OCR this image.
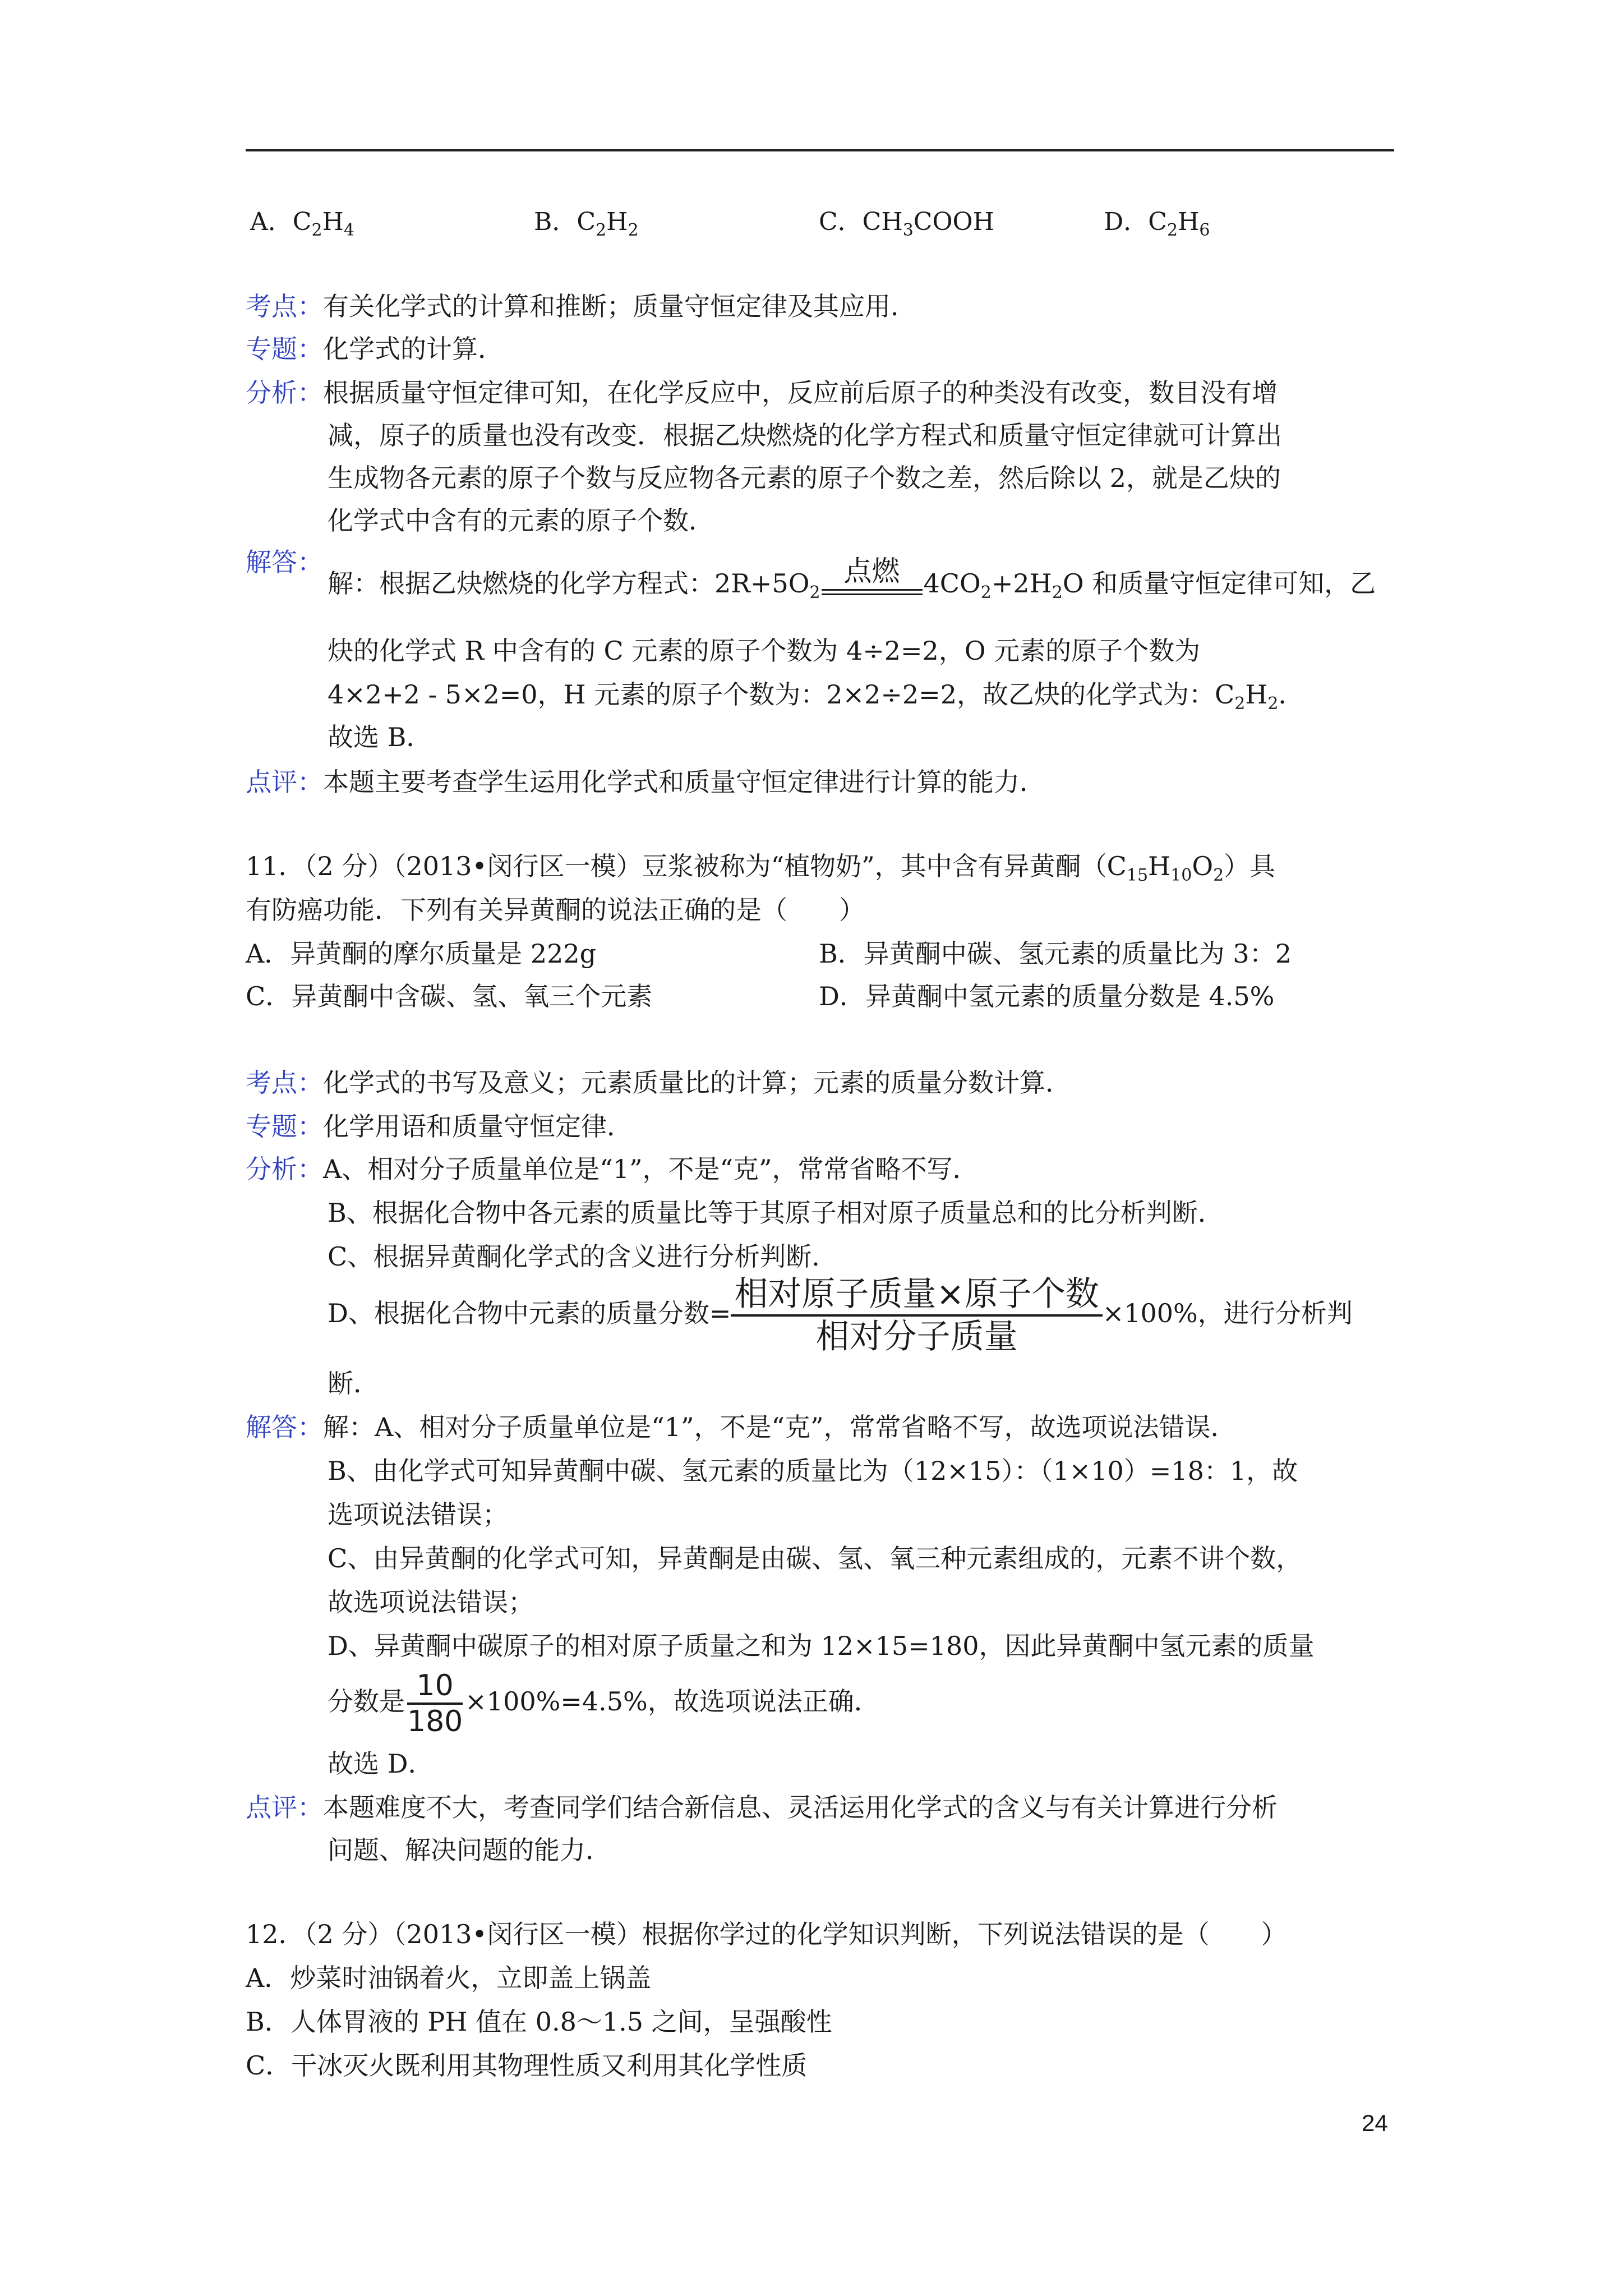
A．$C_2H_4$	B．$C_2H_2$	C．$CH_3COOH$	D．$C_2H_6$
考点：有关化学式的计算和推断；质量守恒定律及其应用．
专题：化学式的计算．
分析：根据质量守恒定律可知，在化学反应中，反应前后原子的种类没有改变，数目没有增
减，原子的质量也没有改变．根据乙炔燃烧的化学方程式和质量守恒定律就可计算出
生成物各元素的原子个数与反应物各元素的原子个数之差，然后除以 2，就是乙炔的
化学式中含有的元素的原子个数．
解答：
解：根据乙炔燃烧的化学方程式：$2R+5O_2$
点燃 $4CO_2+2H_2O$ 和质量守恒定律可知，乙
炔的化学式 R 中含有的 C 元素的原子个数为 4÷2=2，O 元素的原子个数为
4×2+2 - 5×2=0，H 元素的原子个数为：2×2÷2=2，故乙炔的化学式为：$C_2H_2$．
故选 B．
点评：本题主要考查学生运用化学式和质量守恒定律进行计算的能力．
11．（2 分）（2013•闵行区一模）豆浆被称为“植物奶”，其中含有异黄酮$(C_{15}H_{10}O_2)$具
有防癌功能．下列有关异黄酮的说法正确的是（　　）
A．异黄酮的摩尔质量是 222g	B．异黄酮中碳、氢元素的质量比为 3：2
C．异黄酮中含碳、氢、氧三个元素	D．异黄酮中氢元素的质量分数是 4.5%
考点：化学式的书写及意义；元素质量比的计算；元素的质量分数计算．
专题：化学用语和质量守恒定律．
分析：A、相对分子质量单位是“1”，不是“克”，常常省略不写．
B、根据化合物中各元素的质量比等于其原子相对原子质量总和的比分析判断．
C、根据异黄酮化学式的含义进行分析判断．
D、根据化合物中元素的质量分数= $\frac{\text{相对原子质量×原子个数}}{\text{相对分子质量}} \times 100\%$，进行分析判
断．
解答：解：A、相对分子质量单位是“1”，不是“克”，常常省略不写，故选项说法错误．
B、由化学式可知异黄酮中碳、氢元素的质量比为（12×15）：（1×10）=18：1，故
选项说法错误；
C、由异黄酮的化学式可知，异黄酮是由碳、氢、氧三种元素组成的，元素不讲个数，
故选项说法错误；
D、异黄酮中碳原子的相对原子质量之和为 12×15=180，因此异黄酮中氢元素的质量
分数是 $\frac{10}{180} \times 100\%=4.5\%$，故选项说法正确．
故选 D．
点评：本题难度不大，考查同学们结合新信息、灵活运用化学式的含义与有关计算进行分析
问题、解决问题的能力．
12．（2 分）（2013•闵行区一模）根据你学过的化学知识判断，下列说法错误的是（　　）
A．炒菜时油锅着火，立即盖上锅盖
B．人体胃液的 PH 值在 0.8～1.5 之间，呈强酸性
C．干冰灭火既利用其物理性质又利用其化学性质
24
